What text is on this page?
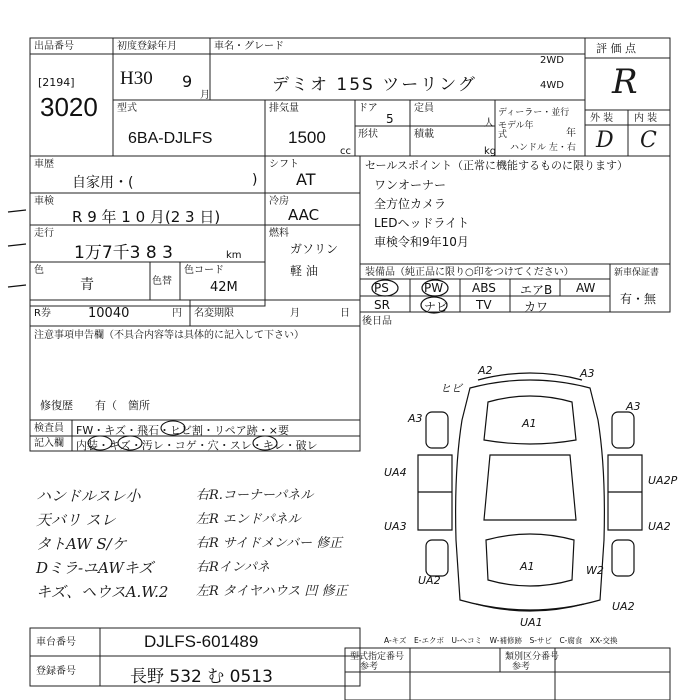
出品番号
[2194]
3020
初度登録年月
H30 9
月
車名・グレード
デミオ 15S ツーリング
2WD
4WD
評 価 点
R
外 装 内 装
D C
型式
6BA-DJLFS
排気量
1500
cc
ドア
5
定員
人
形状	積載
kg
ディーラー・並行
モデル年式	年
ハンドル 左・右
車歴
自家用・(	)
シフト
AT
車検
R 9 年 1 0 月(2 3 日)
冷房
AAC
走行
1万7千3 8 3	km
燃料
ガソリン
軽 油
色
青	色替
色コード
42M
R券	10040	円 名変期限	月	日
セールスポイント（正常に機能するものに限ります）
ワンオーナー
全方位カメラ
LEDヘッドライト
車検令和9年10月
装備品（純正品に限り○印をつけてください）
PS	PW ABS エアB AW
SR	ナビ TV	カワ
新車保証書
有・無
後日品
注意事項申告欄（不具合内容等は具体的に記入して下さい）
修復歴　　有（　箇所
検査員 FW・キズ・飛石・ヒビ割・リペア跡・×要
記入欄 内装・キズ・汚レ・コゲ・穴・スレ・キレ・破レ
ハンドルスレ小
天バリ スレ
タトAW S/ケ
Dミラ-ユAWキズ
キズ、ヘウスA.W.2
右R.コーナーパネル
左R エンドパネル
右R サイドメンバー 修正
右Rインパネ
左R タイヤハウス 凹 修正
A2	A3
ヒビ
A3	A1
A3
UA4
UA2P
UA3	UA2
W2
A1
UA2
UA1
UA2
A-キズ　E-エクボ　U-ヘコミ　W-補修跡　S-サビ　C-腐食　XX-交換
車台番号	DJLFS-601489
登録番号	長野 532 む 0513
型式指定番号
参考
類別区分番号
参考
